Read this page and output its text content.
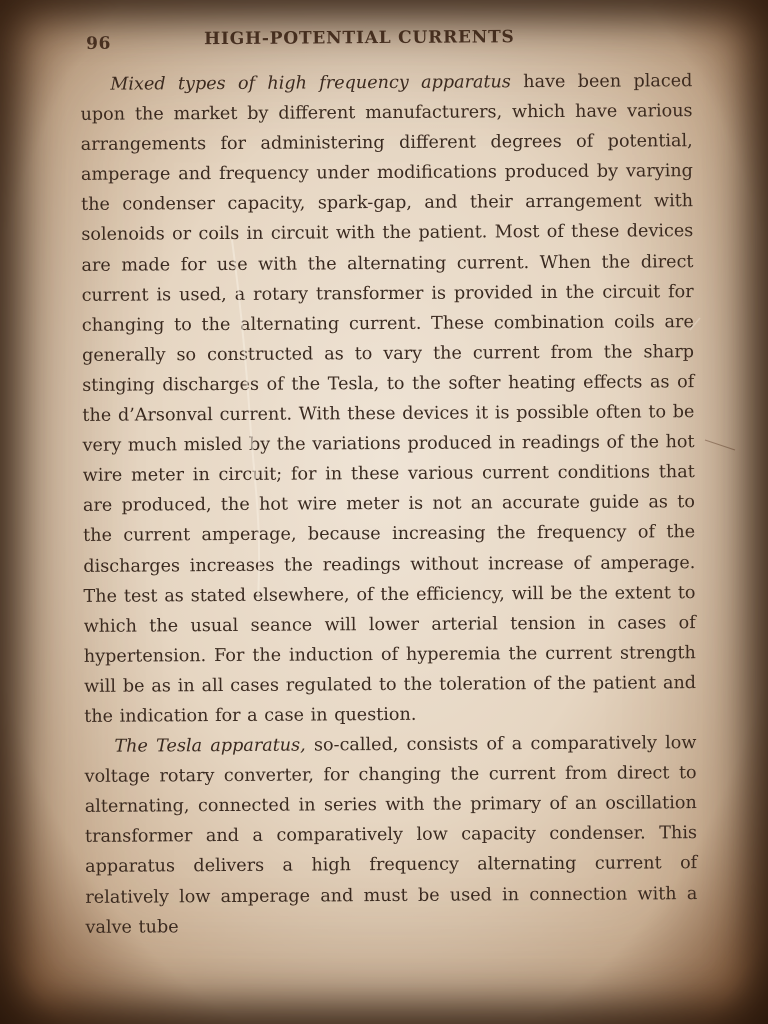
96	HIGH-POTENTIAL CURRENTS

Mixed types of high frequency apparatus have been placed upon the market by different manufacturers, which have various arrangements for administering different degrees of potential, amperage and frequency under modifications produced by varying the condenser capacity, spark-gap, and their arrangement with solenoids or coils in circuit with the patient. Most of these devices are made for use with the alternating current. When the direct current is used, a rotary transformer is provided in the circuit for changing to the alternating current. These combination coils are generally so constructed as to vary the current from the sharp stinging discharges of the Tesla, to the softer heating effects as of the d’Arsonval current. With these devices it is possible often to be very much misled by the variations produced in readings of the hot wire meter in circuit; for in these various current conditions that are produced, the hot wire meter is not an accurate guide as to the current amperage, because increasing the frequency of the discharges increases the readings without increase of amperage. The test as stated elsewhere, of the efficiency, will be the extent to which the usual seance will lower arterial tension in cases of hypertension. For the induction of hyperemia the current strength will be as in all cases regulated to the toleration of the patient and the indication for a case in question.

The Tesla apparatus, so-called, consists of a comparatively low voltage rotary converter, for changing the current from direct to alternating, connected in series with the primary of an oscillation transformer and a comparatively low capacity condenser. This apparatus delivers a high frequency alternating current of relatively low amperage and must be used in connection with a valve tube
